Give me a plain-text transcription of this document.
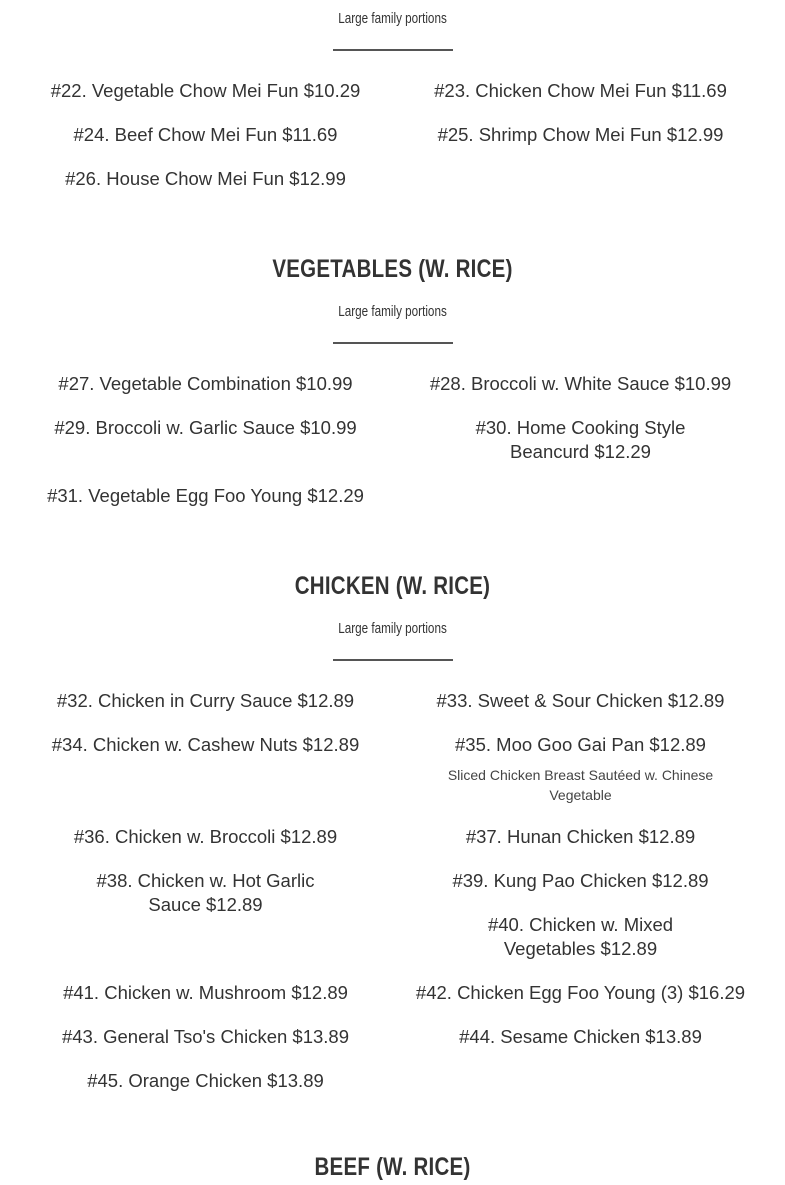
Large family portions
#22. Vegetable Chow Mei Fun $10.29	#23. Chicken Chow Mei Fun $11.69
#24. Beef Chow Mei Fun $11.69	#25. Shrimp Chow Mei Fun $12.99
#26. House Chow Mei Fun $12.99
VEGETABLES (W. RICE)
Large family portions
#27. Vegetable Combination $10.99	#28. Broccoli w. White Sauce $10.99
#29. Broccoli w. Garlic Sauce $10.99	#30. Home Cooking Style Beancurd $12.29
#31. Vegetable Egg Foo Young $12.29
CHICKEN (W. RICE)
Large family portions
#32. Chicken in Curry Sauce $12.89	#33. Sweet & Sour Chicken $12.89
#34. Chicken w. Cashew Nuts $12.89	#35. Moo Goo Gai Pan $12.89
Sliced Chicken Breast Sautéed w. Chinese Vegetable
#36. Chicken w. Broccoli $12.89	#37. Hunan Chicken $12.89
#38. Chicken w. Hot Garlic Sauce $12.89
#39. Kung Pao Chicken $12.89
#40. Chicken w. Mixed Vegetables $12.89
#41. Chicken w. Mushroom $12.89	#42. Chicken Egg Foo Young (3) $16.29
#43. General Tso's Chicken $13.89	#44. Sesame Chicken $13.89
#45. Orange Chicken $13.89
BEEF (W. RICE)
